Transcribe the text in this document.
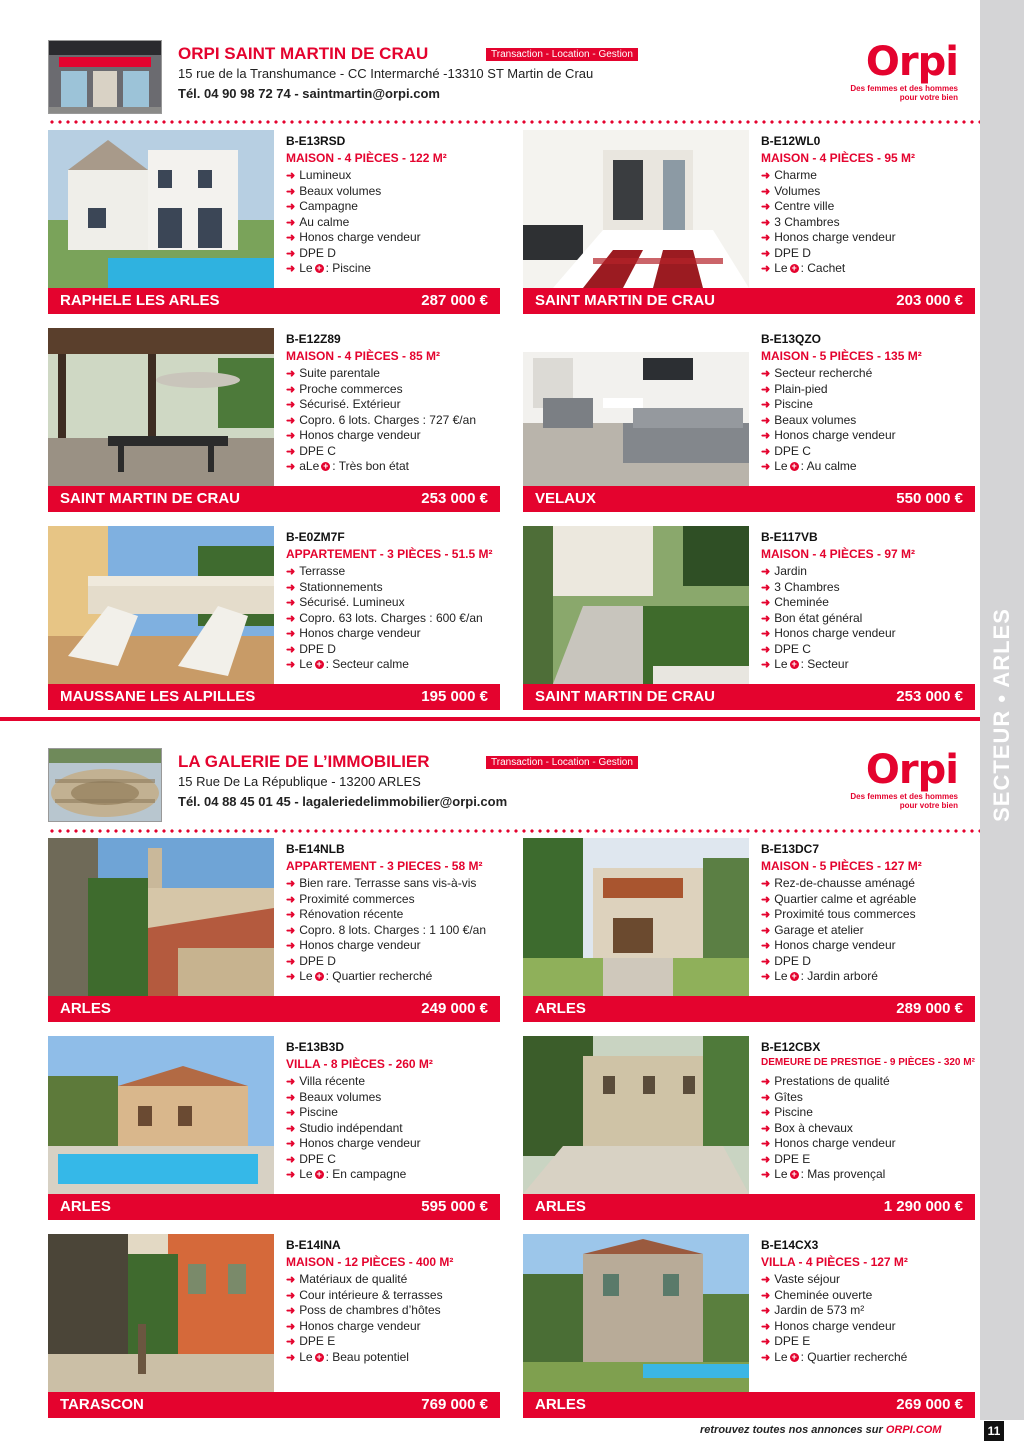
SECTEUR • ARLES
ORPI SAINT MARTIN DE CRAU	Transaction - Location - Gestion
15 rue de la Transhumance - CC Intermarché -13310 ST Martin de Crau
Tél. 04 90 98 72 74 - saintmartin@orpi.com
Orpi
Des femmes et des hommes
pour votre bien
B-E13RSD
MAISON - 4 PIÈCES - 122 M²
➜ Lumineux
➜ Beaux volumes
➜ Campagne
➜ Au calme
➜ Honos charge vendeur
➜ DPE D
➜ Le + : Piscine
RAPHELE LES ARLES	287 000 €
B-E12WL0
MAISON - 4 PIÈCES - 95 M²
➜ Charme
➜ Volumes
➜ Centre ville
➜ 3 Chambres
➜ Honos charge vendeur
➜ DPE D
➜ Le + : Cachet
SAINT MARTIN DE CRAU	203 000 €
B-E12Z89
MAISON - 4 PIÈCES - 85 M²
➜ Suite parentale
➜ Proche commerces
➜ Sécurisé. Extérieur
➜ Copro. 6 lots. Charges : 727 €/an
➜ Honos charge vendeur
➜ DPE C
➜ aLe + : Très bon état
SAINT MARTIN DE CRAU	253 000 €
B-E13QZO
MAISON - 5 PIÈCES - 135 M²
➜ Secteur recherché
➜ Plain-pied
➜ Piscine
➜ Beaux volumes
➜ Honos charge vendeur
➜ DPE C
➜ Le + : Au calme
VELAUX	550 000 €
B-E0ZM7F
APPARTEMENT - 3 PIÈCES - 51.5 M²
➜ Terrasse
➜ Stationnements
➜ Sécurisé. Lumineux
➜ Copro. 63 lots. Charges : 600 €/an
➜ Honos charge vendeur
➜ DPE D
➜ Le + : Secteur calme
MAUSSANE LES ALPILLES	195 000 €
B-E117VB
MAISON - 4 PIÈCES - 97 M²
➜ Jardin
➜ 3 Chambres
➜ Cheminée
➜ Bon état général
➜ Honos charge vendeur
➜ DPE C
➜ Le + : Secteur
SAINT MARTIN DE CRAU	253 000 €
LA GALERIE DE L’IMMOBILIER	Transaction - Location - Gestion
15 Rue De La République - 13200 ARLES
Tél. 04 88 45 01 45 - lagaleriedelimmobilier@orpi.com
Orpi
Des femmes et des hommes
pour votre bien
B-E14NLB
APPARTEMENT - 3 PIECES - 58 M²
➜ Bien rare. Terrasse sans vis-à-vis
➜ Proximité commerces
➜ Rénovation récente
➜ Copro. 8 lots. Charges : 1 100 €/an
➜ Honos charge vendeur
➜ DPE D
➜ Le + : Quartier recherché
ARLES	249 000 €
B-E13DC7
MAISON - 5 PIÈCES - 127 M²
➜ Rez-de-chausse aménagé
➜ Quartier calme et agréable
➜ Proximité tous commerces
➜ Garage et atelier
➜ Honos charge vendeur
➜ DPE D
➜ Le + : Jardin arboré
ARLES	289 000 €
B-E13B3D
VILLA - 8 PIÈCES - 260 M²
➜ Villa récente
➜ Beaux volumes
➜ Piscine
➜ Studio indépendant
➜ Honos charge vendeur
➜ DPE C
➜ Le + : En campagne
ARLES	595 000 €
B-E12CBX
DEMEURE DE PRESTIGE - 9 PIÈCES - 320 M²
➜ Prestations de qualité
➜ Gîtes
➜ Piscine
➜ Box à chevaux
➜ Honos charge vendeur
➜ DPE E
➜ Le + : Mas provençal
ARLES	1 290 000 €
B-E14INA
MAISON - 12 PIÈCES - 400 M²
➜ Matériaux de qualité
➜ Cour intérieure & terrasses
➜ Poss de chambres d’hôtes
➜ Honos charge vendeur
➜ DPE E
➜ Le + : Beau potentiel
TARASCON	769 000 €
B-E14CX3
VILLA - 4 PIÈCES - 127 M²
➜ Vaste séjour
➜ Cheminée ouverte
➜ Jardin de 573 m²
➜ Honos charge vendeur
➜ DPE E
➜ Le + : Quartier recherché
ARLES	269 000 €
retrouvez toutes nos annonces sur ORPI.COM	11
